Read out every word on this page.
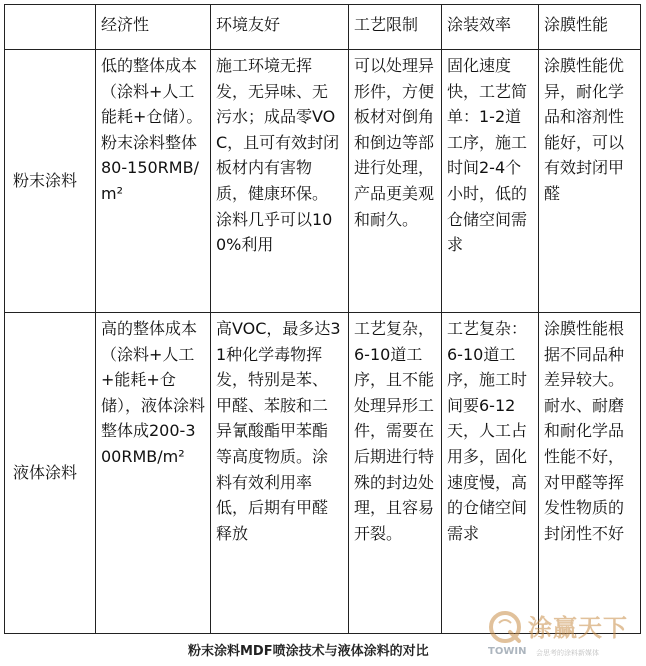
	经济性	环境友好	工艺限制	涂装效率	涂膜性能
粉末涂料	低的整体成本（涂料+人工能耗+仓储）。粉末涂料整体80-150RMB/m²	施工环境无挥发，无异味、无污水；成品零VOC，且可有效封闭板材内有害物质，健康环保。涂料几乎可以100%利用	可以处理异形件，方便板材对倒角和倒边等部进行处理，产品更美观和耐久。	固化速度快，工艺简单：1-2道工序，施工时间2-4个小时，低的仓储空间需求	涂膜性能优异，耐化学品和溶剂性能好，可以有效封闭甲醛
液体涂料	高的整体成本（涂料+人工+能耗+仓储），液体涂料整体成200-300RMB/m²	高VOC，最多达31种化学毒物挥发，特别是苯、甲醛、苯胺和二异氰酸酯甲苯酯等高度物质。涂料有效利用率低，后期有甲醛释放	工艺复杂，6-10道工序，且不能处理异形工件，需要在后期进行特殊的封边处理，且容易开裂。	工艺复杂：6-10道工序，施工时间要6-12天，人工占用多，固化速度慢，高的仓储空间需求	涂膜性能根据不同品种差异较大。耐水、耐磨和耐化学品性能不好，对甲醛等挥发性物质的封闭性不好
粉末涂料MDF喷涂技术与液体涂料的对比
涂赢天下
TOWIN 会思考的涂料新媒体
